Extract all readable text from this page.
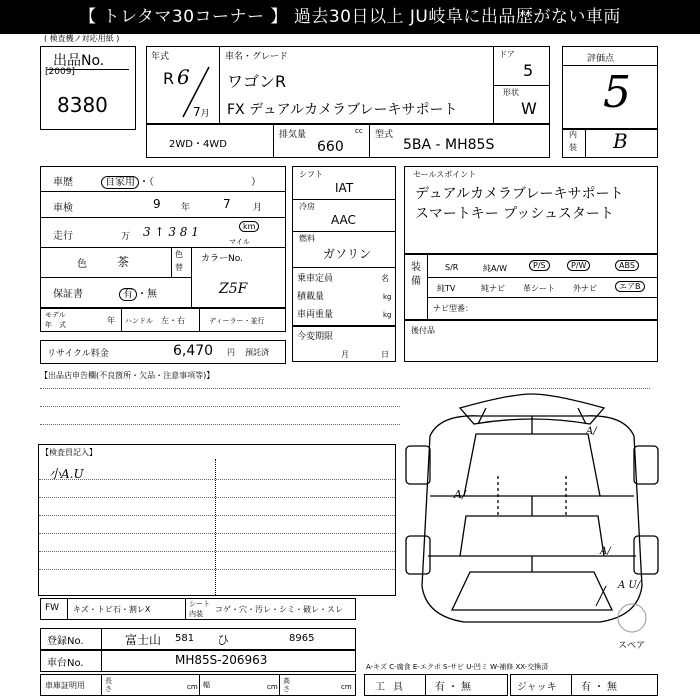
【 トレタマ30コーナー 】 過去30日以上 JU岐阜に出品歴がない車両
( 検査機ノ対応用紙 )
出品No.
[2009]
8380
年式
R 6
7月
車名・グレード
ワゴンR
FX デュアルカメラブレーキサポート
ドア
5
形状
W
2WD・4WD
排気量	cc
660
型式
5BA - MH85S
評価点
5
内
装 B
車歴	自家用 ・（	）
車検	9 年	7 月
走行	万 3 ↑ 3 8 1	km
マイル
色	茶
色
替
カラーNo.
保証書	有 ・無	Z5F
モデル
年　式	年 ハンドル 左・右	ディーラー・並行
シフト
IAT
冷房
AAC
燃料
ガソリン
乗車定員	名
積載量	kg
車両重量	kg
今変期限
月	日
セールスポイント
デュアルカメラブレーキサポート
スマートキー プッシュスタート
装備
S/R	純A/W	P/S	P/W	ABS
純TV	純ナビ 革シート 外ナビ	エアB
ナビ型番：
後付品
リサイクル料金	6,470 円 預託済
【出品店申告欄(不良箇所・欠品・注意事項等)】
【検査員記入】
小A.U
A/
A/
A/
A U/
スペア
FW キズ・トビ石・割レX
シート
内装 コゲ・穴・汚レ・シミ・破レ・スレ
登録No.	富士山 581 ひ	8965
車台No.	MH85S-206963
車庫証明用	長さ	cm 幅	cm
高さ	cm
A-キズ C-腐食 E-エクボ S-サビ U-凹ミ W-補修 XX-交換済
工具 有・無	ジャッキ 有・無
